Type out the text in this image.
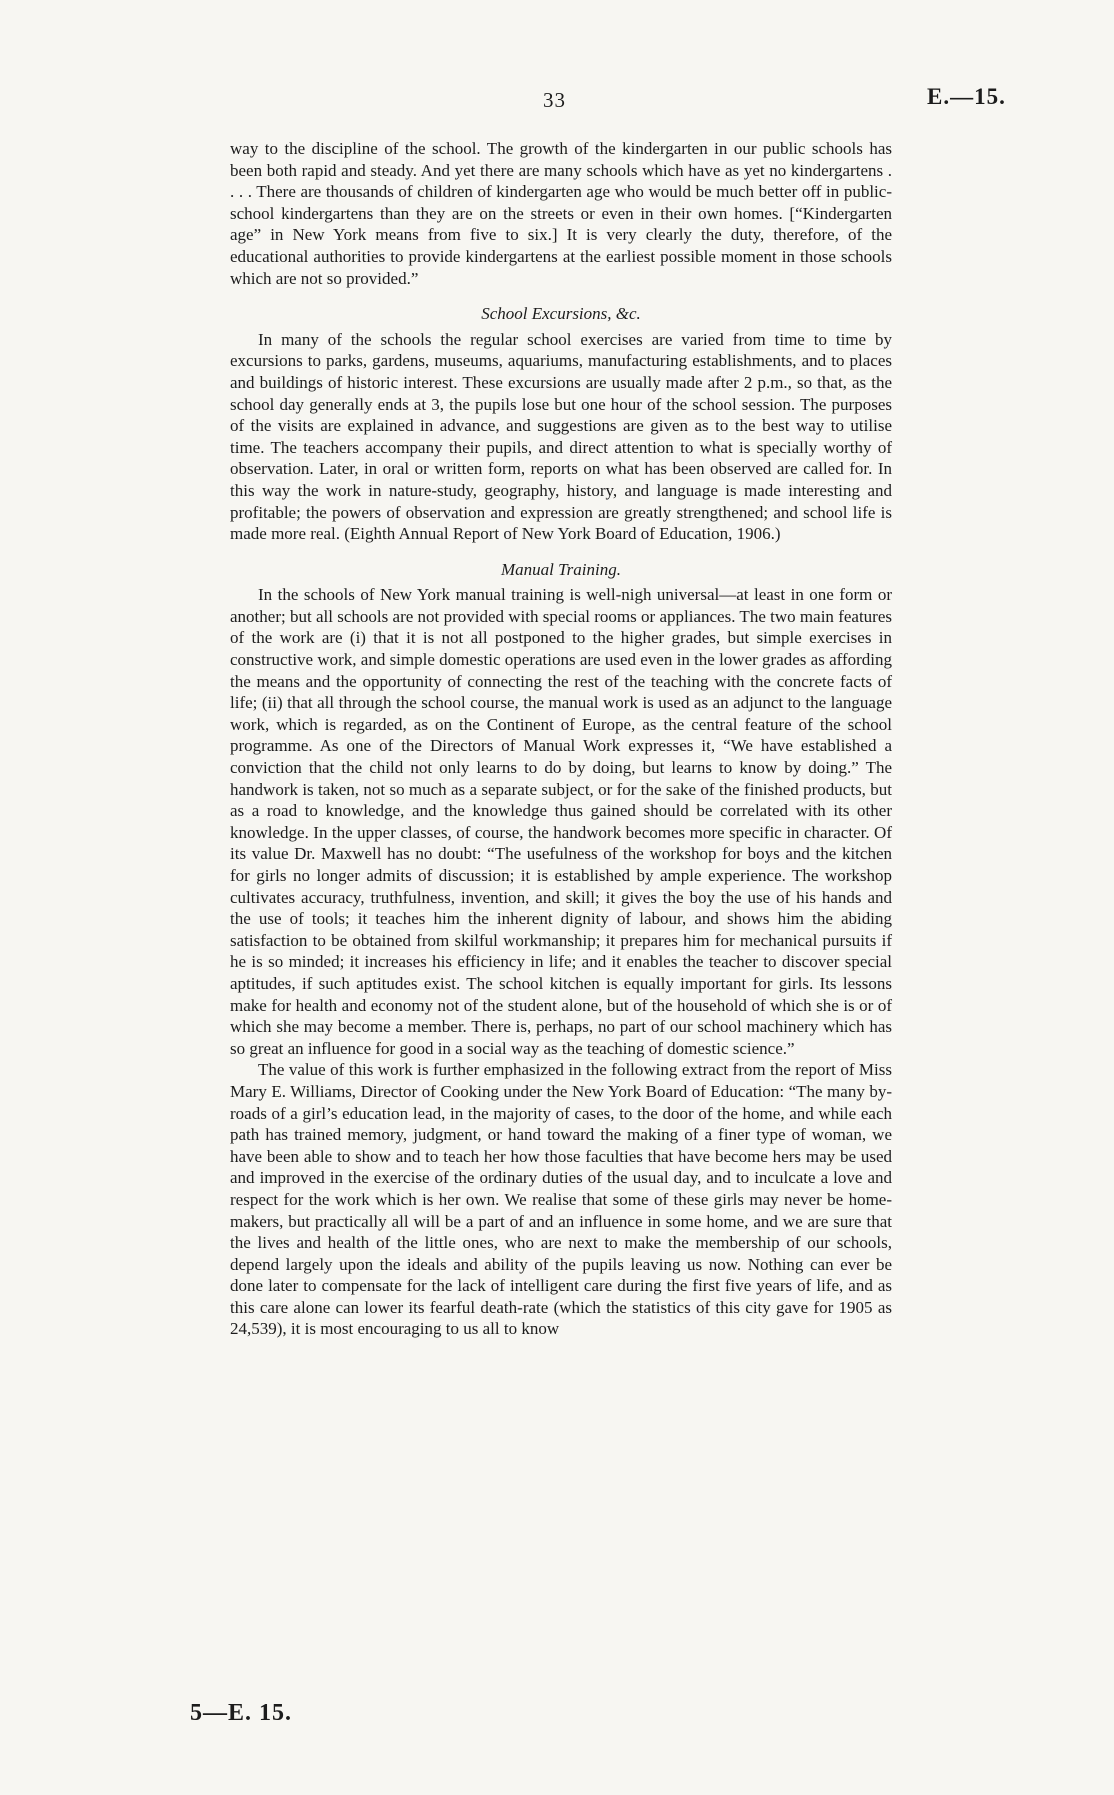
33	E.—15.

way to the discipline of the school. The growth of the kindergarten in our public schools has been both rapid and steady. And yet there are many schools which have as yet no kindergartens . . . . There are thousands of children of kindergarten age who would be much better off in public-school kindergartens than they are on the streets or even in their own homes. [“Kindergarten age” in New York means from five to six.] It is very clearly the duty, therefore, of the educational authorities to provide kindergartens at the earliest possible moment in those schools which are not so provided.”

School Excursions, &c.

In many of the schools the regular school exercises are varied from time to time by excursions to parks, gardens, museums, aquariums, manufacturing establishments, and to places and buildings of historic interest. These excursions are usually made after 2 p.m., so that, as the school day generally ends at 3, the pupils lose but one hour of the school session. The purposes of the visits are explained in advance, and suggestions are given as to the best way to utilise time. The teachers accompany their pupils, and direct attention to what is specially worthy of observation. Later, in oral or written form, reports on what has been observed are called for. In this way the work in nature-study, geography, history, and language is made interesting and profitable; the powers of observation and expression are greatly strengthened; and school life is made more real. (Eighth Annual Report of New York Board of Education, 1906.)

Manual Training.

In the schools of New York manual training is well-nigh universal—at least in one form or another; but all schools are not provided with special rooms or appliances. The two main features of the work are (i) that it is not all postponed to the higher grades, but simple exercises in constructive work, and simple domestic operations are used even in the lower grades as affording the means and the opportunity of connecting the rest of the teaching with the concrete facts of life; (ii) that all through the school course, the manual work is used as an adjunct to the language work, which is regarded, as on the Continent of Europe, as the central feature of the school programme. As one of the Directors of Manual Work expresses it, “We have established a conviction that the child not only learns to do by doing, but learns to know by doing.” The handwork is taken, not so much as a separate subject, or for the sake of the finished products, but as a road to knowledge, and the knowledge thus gained should be correlated with its other knowledge. In the upper classes, of course, the handwork becomes more specific in character. Of its value Dr. Maxwell has no doubt: “The usefulness of the workshop for boys and the kitchen for girls no longer admits of discussion; it is established by ample experience. The workshop cultivates accuracy, truthfulness, invention, and skill; it gives the boy the use of his hands and the use of tools; it teaches him the inherent dignity of labour, and shows him the abiding satisfaction to be obtained from skilful workmanship; it prepares him for mechanical pursuits if he is so minded; it increases his efficiency in life; and it enables the teacher to discover special aptitudes, if such aptitudes exist. The school kitchen is equally important for girls. Its lessons make for health and economy not of the student alone, but of the household of which she is or of which she may become a member. There is, perhaps, no part of our school machinery which has so great an influence for good in a social way as the teaching of domestic science.”

The value of this work is further emphasized in the following extract from the report of Miss Mary E. Williams, Director of Cooking under the New York Board of Education: “The many by-roads of a girl’s education lead, in the majority of cases, to the door of the home, and while each path has trained memory, judgment, or hand toward the making of a finer type of woman, we have been able to show and to teach her how those faculties that have become hers may be used and improved in the exercise of the ordinary duties of the usual day, and to inculcate a love and respect for the work which is her own. We realise that some of these girls may never be home-makers, but practically all will be a part of and an influence in some home, and we are sure that the lives and health of the little ones, who are next to make the membership of our schools, depend largely upon the ideals and ability of the pupils leaving us now. Nothing can ever be done later to compensate for the lack of intelligent care during the first five years of life, and as this care alone can lower its fearful death-rate (which the statistics of this city gave for 1905 as 24,539), it is most encouraging to us all to know

5—E. 15.
